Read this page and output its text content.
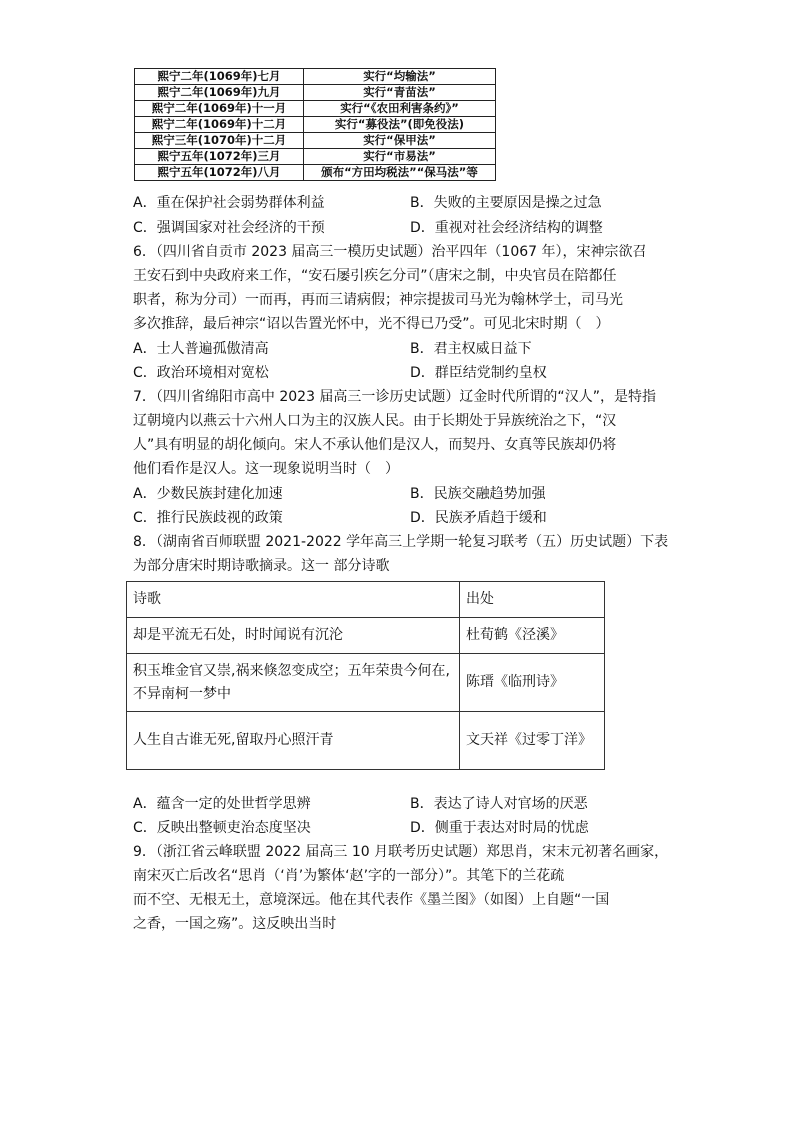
熙宁二年(1069年)七月	实行“均输法”
熙宁二年(1069年)九月	实行“青苗法”
熙宁二年(1069年)十一月	实行“《农田利害条约》”
熙宁二年(1069年)十二月	实行“募役法”(即免役法)
熙宁三年(1070年)十二月	实行“保甲法”
熙宁五年(1072年)三月	实行“市易法”
熙宁五年(1072年)八月	颁布“方田均税法”“保马法”等
A．重在保护社会弱势群体利益	B．失败的主要原因是操之过急
C．强调国家对社会经济的干预	D．重视对社会经济结构的调整
6．（四川省自贡市 2023 届高三一模历史试题）治平四年（1067 年），宋神宗欲召
王安石到中央政府来工作，“安石屡引疾乞分司”（唐宋之制，中央官员在陪都任
职者，称为分司）一而再，再而三请病假；神宗提拔司马光为翰林学士，司马光
多次推辞，最后神宗“诏以告置光怀中，光不得已乃受”。可见北宋时期（　）
A．士人普遍孤傲清高	B．君主权威日益下
C．政治环境相对宽松	D．群臣结党制约皇权
7．（四川省绵阳市高中 2023 届高三一诊历史试题）辽金时代所谓的“汉人”，是特指
辽朝境内以燕云十六州人口为主的汉族人民。由于长期处于异族统治之下，“汉
人”具有明显的胡化倾向。宋人不承认他们是汉人，而契丹、女真等民族却仍将
他们看作是汉人。这一现象说明当时（　）
A．少数民族封建化加速	B．民族交融趋势加强
C．推行民族歧视的政策	D．民族矛盾趋于缓和
8．（湖南省百师联盟 2021-2022 学年高三上学期一轮复习联考（五）历史试题）下表
为部分唐宋时期诗歌摘录。这一 部分诗歌
诗歌	出处
却是平流无石处，时时闻说有沉沦	杜荀鹤《泾溪》
积玉堆金官又崇,祸来倏忽变成空；五年荣贵今何在,不异南柯一梦中	陈瑨《临刑诗》
人生自古谁无死,留取丹心照汗青	文天祥《过零丁洋》
A．蕴含一定的处世哲学思辨	B．表达了诗人对官场的厌恶
C．反映出整顿吏治态度坚决	D．侧重于表达对时局的忧虑
9．（浙江省云峰联盟 2022 届高三 10 月联考历史试题）郑思肖，宋末元初著名画家，
南宋灭亡后改名“思肖（‘肖’为繁体‘赵’字的一部分）”。其笔下的兰花疏
而不空、无根无土，意境深远。他在其代表作《墨兰图》（如图）上自题“一国
之香，一国之殇”。这反映出当时
